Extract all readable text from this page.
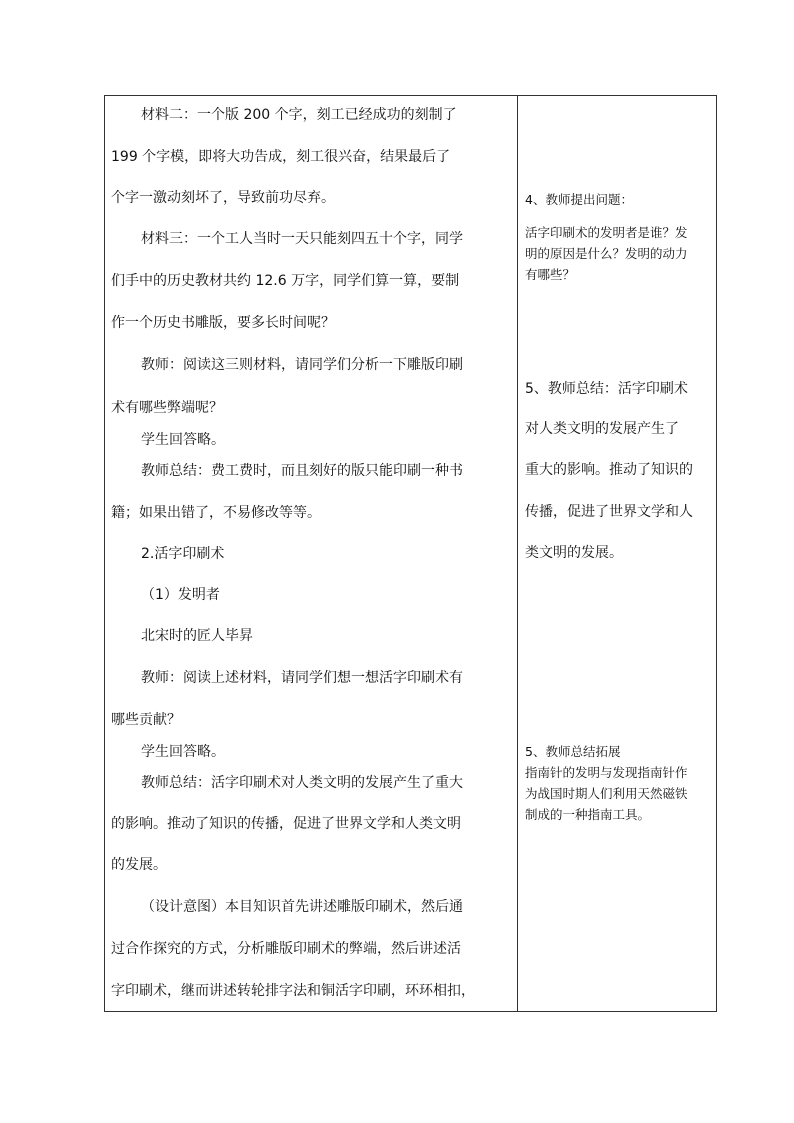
材料二：一个版 200 个字，刻工已经成功的刻制了
199 个字模，即将大功告成，刻工很兴奋，结果最后了
个字一激动刻坏了，导致前功尽弃。
材料三：一个工人当时一天只能刻四五十个字，同学
们手中的历史教材共约 12.6 万字，同学们算一算，要制
作一个历史书雕版，要多长时间呢？
教师：阅读这三则材料，请同学们分析一下雕版印刷
术有哪些弊端呢？
学生回答略。
教师总结：费工费时，而且刻好的版只能印刷一种书
籍；如果出错了，不易修改等等。
2.活字印刷术
（1）发明者
北宋时的匠人毕昇
教师：阅读上述材料，请同学们想一想活字印刷术有
哪些贡献？
学生回答略。
教师总结：活字印刷术对人类文明的发展产生了重大
的影响。推动了知识的传播，促进了世界文学和人类文明
的发展。
（设计意图）本目知识首先讲述雕版印刷术，然后通
过合作探究的方式，分析雕版印刷术的弊端，然后讲述活
字印刷术，继而讲述转轮排字法和铜活字印刷，环环相扣，
4、教师提出问题：
活字印刷术的发明者是谁？发
明的原因是什么？发明的动力
有哪些？
5、教师总结：活字印刷术
对人类文明的发展产生了
重大的影响。推动了知识的
传播，促进了世界文学和人
类文明的发展。
5、教师总结拓展
指南针的发明与发现指南针作
为战国时期人们利用天然磁铁
制成的一种指南工具。
